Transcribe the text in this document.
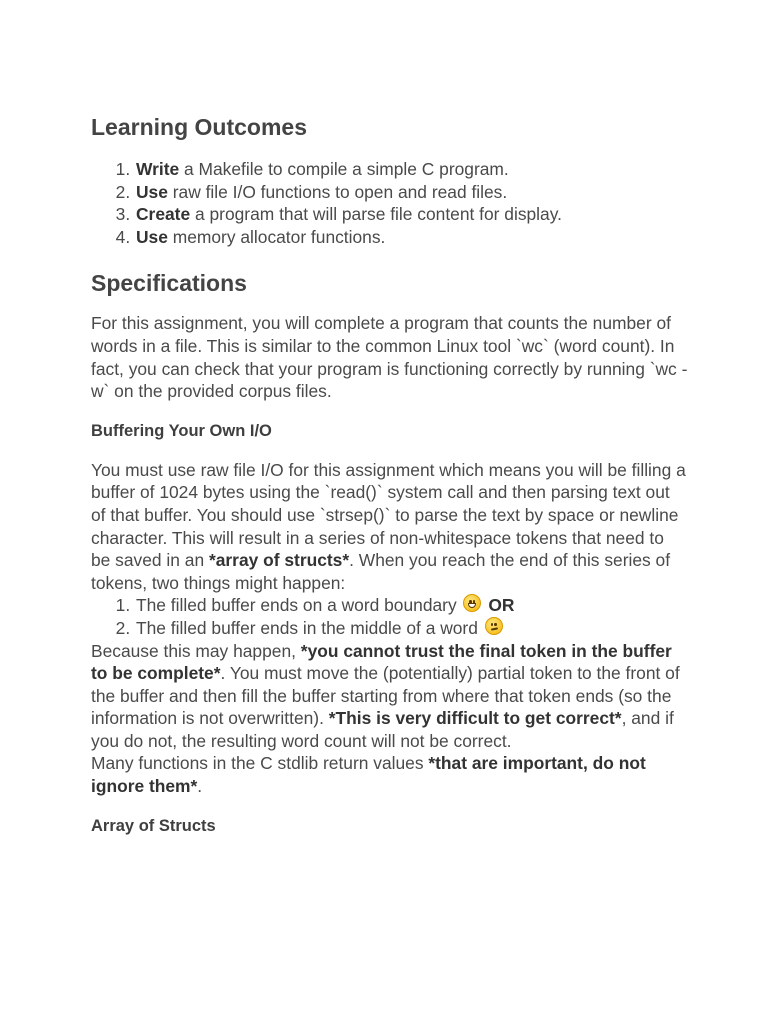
Learning Outcomes
1. Write a Makefile to compile a simple C program.
2. Use raw file I/O functions to open and read files.
3. Create a program that will parse file content for display.
4. Use memory allocator functions.
Specifications

For this assignment, you will complete a program that counts the number of words in a file. This is similar to the common Linux tool `wc` (word count). In fact, you can check that your program is functioning correctly by running `wc -w` on the provided corpus files.

Buffering Your Own I/O

You must use raw file I/O for this assignment which means you will be filling a buffer of 1024 bytes using the `read()` system call and then parsing text out of that buffer. You should use `strsep()` to parse the text by space or newline character. This will result in a series of non-whitespace tokens that need to be saved in an *array of structs*. When you reach the end of this series of tokens, two things might happen:

1. The filled buffer ends on a word boundary
OR
2. The filled buffer ends in the middle of a word

Because this may happen, *you cannot trust the final token in the buffer to be complete*. You must move the (potentially) partial token to the front of the buffer and then fill the buffer starting from where that token ends (so the information is not overwritten). *This is very difficult to get correct*, and if you do not, the resulting word count will not be correct.

Many functions in the C stdlib return values *that are important, do not ignore them*.

Array of Structs
